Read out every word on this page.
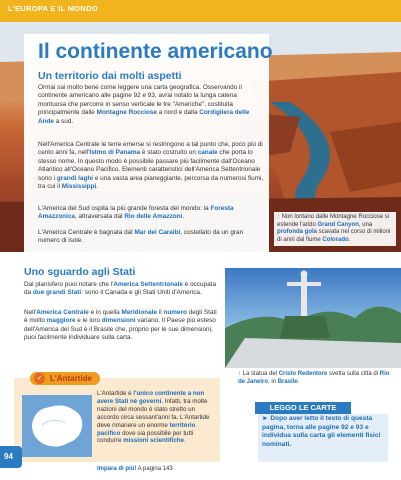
L'EUROPA E IL MONDO
Il continente americano
Un territorio dai molti aspetti
Ormai sai molto bene come leggere una carta geografica. Osservando il continente americano alle pagine 92 e 93, avrai notato la lunga catena montuosa che percorre in senso verticale le tre "Americhe", costituita principalmente dalle Montagne Rocciose a nord e dalla Cordigliera delle Ande a sud.
Nell'America Centrale le terre emerse si restringono a tal punto che, poco più di cento anni fa, nell'Istmo di Panama è stato costruito un canale che porta lo stesso nome. In questo modo è possibile passare più facilmente dall'Oceano Atlantico all'Oceano Pacifico. Elementi caratteristici dell'America Settentrionale sono i grandi laghi e una vasta area pianeggiante, percorsa da numerosi fiumi, tra cui il Mississippi.
L'America del Sud ospita la più grande foresta del mondo: la Foresta Amazzonica, attraversata dal Rio delle Amazzoni.
L'America Centrale è bagnata dal Mar dei Caraibi, costellato da un gran numero di isole.
↑ Non lontano dalle Montagne Rocciose si estende l'arido Grand Canyon, una profonda gola scavata nel corso di milioni di anni dal fiume Colorado.
Uno sguardo agli Stati
Dal planisfero puoi notare che l'America Settentrionale è occupata da due grandi Stati: sono il Canada e gli Stati Uniti d'America.
Nell'America Centrale e in quella Meridionale il numero degli Stati è molto maggiore e le loro dimensioni variano. Il Paese più esteso dell'America del Sud è il Brasile che, proprio per le sue dimensioni, puoi facilmente individuare sulla carta.
↑ La statua del Cristo Redentore svetta sulla città di Rio de Janeiro, in Brasile.
✓ L'Antartide
L'Antartide è l'unico continente a non avere Stati né governi. Infatti, tra molte nazioni del mondo è stato stretto un accordo circa sessant'anni fa. L'Antartide deve rimanere un enorme territorio pacifico dove sia possibile per tutti condurre missioni scientifiche.
LEGGO LE CARTE
► Dopo aver letto il testo di questa pagina, torna alle pagine 92 e 93 e individua sulla carta gli elementi fisici nominati.
94
Impara di più! A pagina 143
